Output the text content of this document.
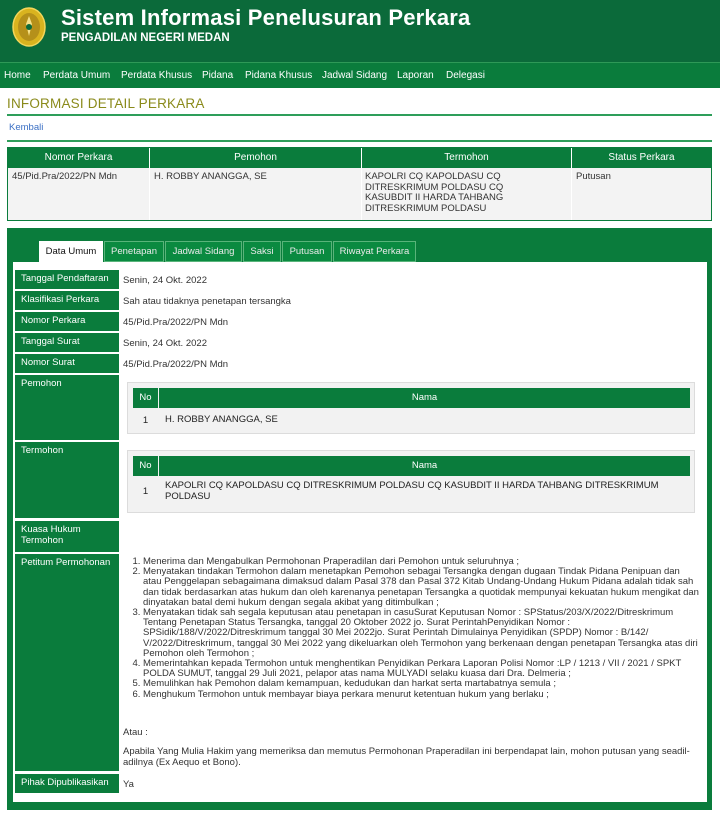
Sistem Informasi Penelusuran Perkara
PENGADILAN NEGERI MEDAN
Home Perdata Umum Perdata Khusus Pidana Pidana Khusus Jadwal Sidang Laporan Delegasi
INFORMASI DETAIL PERKARA
Kembali
Nomor Perkara	Pemohon	Termohon	Status Perkara
45/Pid.Pra/2022/PN Mdn	H. ROBBY ANANGGA, SE	KAPOLRI CQ KAPOLDASU CQ DITRESKRIMUM POLDASU CQ KASUBDIT II HARDA TAHBANG DITRESKRIMUM POLDASU
Putusan
Data Umum	Penetapan	Jadwal Sidang	Saksi	Putusan	Riwayat Perkara
Tanggal Pendaftaran	Senin, 24 Okt. 2022
Klasifikasi Perkara	Sah atau tidaknya penetapan tersangka
Nomor Perkara	45/Pid.Pra/2022/PN Mdn
Tanggal Surat	Senin, 24 Okt. 2022
Nomor Surat	45/Pid.Pra/2022/PN Mdn
Pemohon
No	Nama
1	H. ROBBY ANANGGA, SE
Termohon
No	Nama
1
KAPOLRI CQ KAPOLDASU CQ DITRESKRIMUM POLDASU CQ KASUBDIT II HARDA TAHBANG DITRESKRIMUM POLDASU
Kuasa Hukum Termohon
Petitum Permohonan
1.	Menerima dan Mengabulkan Permohonan Praperadilan dari Pemohon untuk seluruhnya ;
2. Menyatakan tindakan Termohon dalam menetapkan Pemohon sebagai Tersangka dengan dugaan Tindak Pidana Penipuan dan atau Penggelapan sebagaimana dimaksud dalam Pasal 378 dan Pasal 372 Kitab Undang-Undang Hukum Pidana adalah tidak sah dan tidak berdasarkan atas hukum dan oleh karenanya penetapan Tersangka a quotidak mempunyai kekuatan hukum mengikat dan dinyatakan batal demi hukum dengan segala akibat yang ditimbulkan ;
3. Menyatakan tidak sah segala keputusan atau penetapan in casuSurat Keputusan Nomor : SPStatus/203/X/2022/Ditreskrimum Tentang Penetapan Status Tersangka, tanggal 20 Oktober 2022 jo. Surat PerintahPenyidikan Nomor : SPSidik/188/V/2022/Ditreskrimum tanggal 30 Mei 2022jo. Surat Perintah Dimulainya Penyidikan (SPDP) Nomor : B/142/ V/2022/Ditreskrimum, tanggal 30 Mei 2022 yang dikeluarkan oleh Termohon yang berkenaan dengan penetapan Tersangka atas diri Pemohon oleh Termohon ;
4. Memerintahkan kepada Termohon untuk menghentikan Penyidikan Perkara Laporan Polisi Nomor :LP / 1213 / VII / 2021 / SPKT POLDA SUMUT, tanggal 29 Juli 2021, pelapor atas nama MULYADI selaku kuasa dari Dra. Delmeria ;
5. Memulihkan hak Pemohon dalam kemampuan, kedudukan dan harkat serta martabatnya semula ;
6. Menghukum Termohon untuk membayar biaya perkara menurut ketentuan hukum yang berlaku ;
Atau :
Apabila Yang Mulia Hakim yang memeriksa dan memutus Permohonan Praperadilan ini berpendapat lain, mohon putusan yang seadil-adilnya (Ex Aequo et Bono).
Pihak Dipublikasikan	Ya
